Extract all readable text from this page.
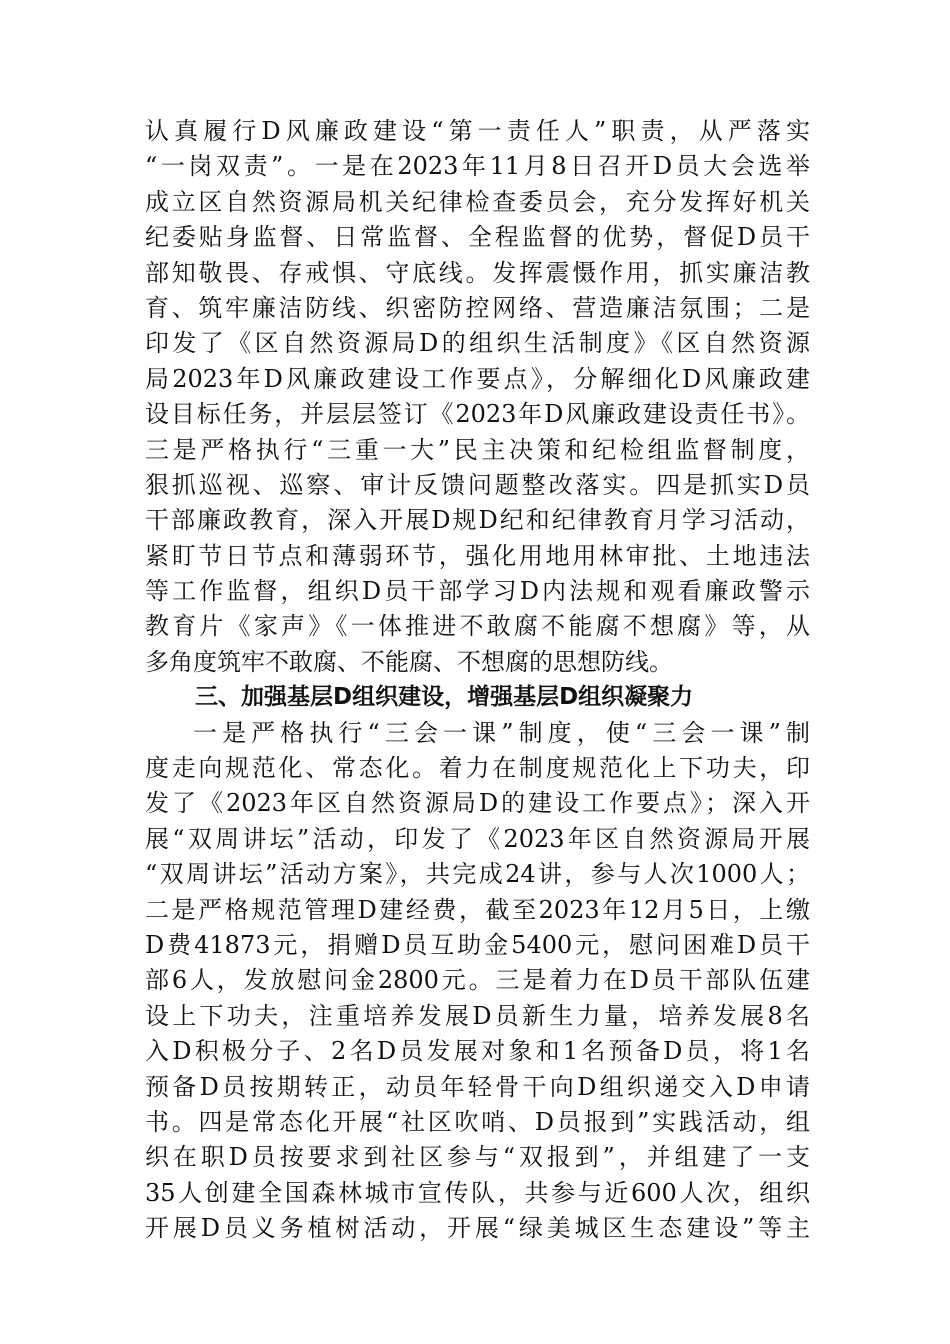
认真履行D风廉政建设“第一责任人”职责，从严落实
“一岗双责”。一是在2023年11月8日召开D员大会选举
成立区自然资源局机关纪律检查委员会，充分发挥好机关
纪委贴身监督、日常监督、全程监督的优势，督促D员干
部知敬畏、存戒惧、守底线。发挥震慑作用，抓实廉洁教
育、筑牢廉洁防线、织密防控网络、营造廉洁氛围；二是
印发了《区自然资源局D的组织生活制度》《区自然资源
局2023年D风廉政建设工作要点》，分解细化D风廉政建
设目标任务，并层层签订《2023年D风廉政建设责任书》。
三是严格执行“三重一大”民主决策和纪检组监督制度，
狠抓巡视、巡察、审计反馈问题整改落实。四是抓实D员
干部廉政教育，深入开展D规D纪和纪律教育月学习活动，
紧盯节日节点和薄弱环节，强化用地用林审批、土地违法
等工作监督，组织D员干部学习D内法规和观看廉政警示
教育片《家声》《一体推进不敢腐不能腐不想腐》等，从
多角度筑牢不敢腐、不能腐、不想腐的思想防线。
三、加强基层D组织建设，增强基层D组织凝聚力
一是严格执行“三会一课”制度，使“三会一课”制
度走向规范化、常态化。着力在制度规范化上下功夫，印
发了《2023年区自然资源局D的建设工作要点》；深入开
展“双周讲坛”活动，印发了《2023年区自然资源局开展
“双周讲坛”活动方案》，共完成24讲，参与人次1000人；
二是严格规范管理D建经费，截至2023年12月5日，上缴
D费41873元，捐赠D员互助金5400元，慰问困难D员干
部6人，发放慰问金2800元。三是着力在D员干部队伍建
设上下功夫，注重培养发展D员新生力量，培养发展8名
入D积极分子、2名D员发展对象和1名预备D员，将1名
预备D员按期转正，动员年轻骨干向D组织递交入D申请
书。四是常态化开展“社区吹哨、D员报到”实践活动，组
织在职D员按要求到社区参与“双报到”，并组建了一支
35人创建全国森林城市宣传队，共参与近600人次，组织
开展D员义务植树活动，开展“绿美城区生态建设”等主
